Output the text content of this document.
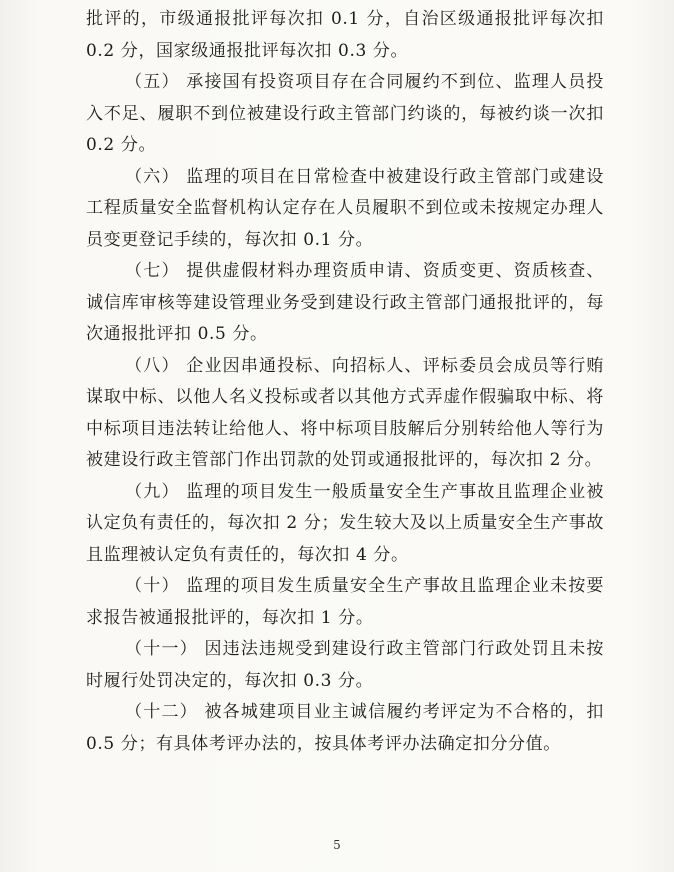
批评的，市级通报批评每次扣 0.1 分，自治区级通报批评每次扣 0.2 分，国家级通报批评每次扣 0.3 分。

（五） 承接国有投资项目存在合同履约不到位、监理人员投入不足、履职不到位被建设行政主管部门约谈的，每被约谈一次扣 0.2 分。

（六） 监理的项目在日常检查中被建设行政主管部门或建设工程质量安全监督机构认定存在人员履职不到位或未按规定办理人员变更登记手续的，每次扣 0.1 分。

（七） 提供虚假材料办理资质申请、资质变更、资质核查、诚信库审核等建设管理业务受到建设行政主管部门通报批评的，每次通报批评扣 0.5 分。

（八） 企业因串通投标、向招标人、评标委员会成员等行贿谋取中标、以他人名义投标或者以其他方式弄虚作假骗取中标、将中标项目违法转让给他人、将中标项目肢解后分别转给他人等行为被建设行政主管部门作出罚款的处罚或通报批评的，每次扣 2 分。

（九） 监理的项目发生一般质量安全生产事故且监理企业被认定负有责任的，每次扣 2 分；发生较大及以上质量安全生产事故且监理被认定负有责任的，每次扣 4 分。

（十） 监理的项目发生质量安全生产事故且监理企业未按要求报告被通报批评的，每次扣 1 分。

（十一） 因违法违规受到建设行政主管部门行政处罚且未按时履行处罚决定的，每次扣 0.3 分。

（十二） 被各城建项目业主诚信履约考评定为不合格的，扣 0.5 分；有具体考评办法的，按具体考评办法确定扣分分值。

5
